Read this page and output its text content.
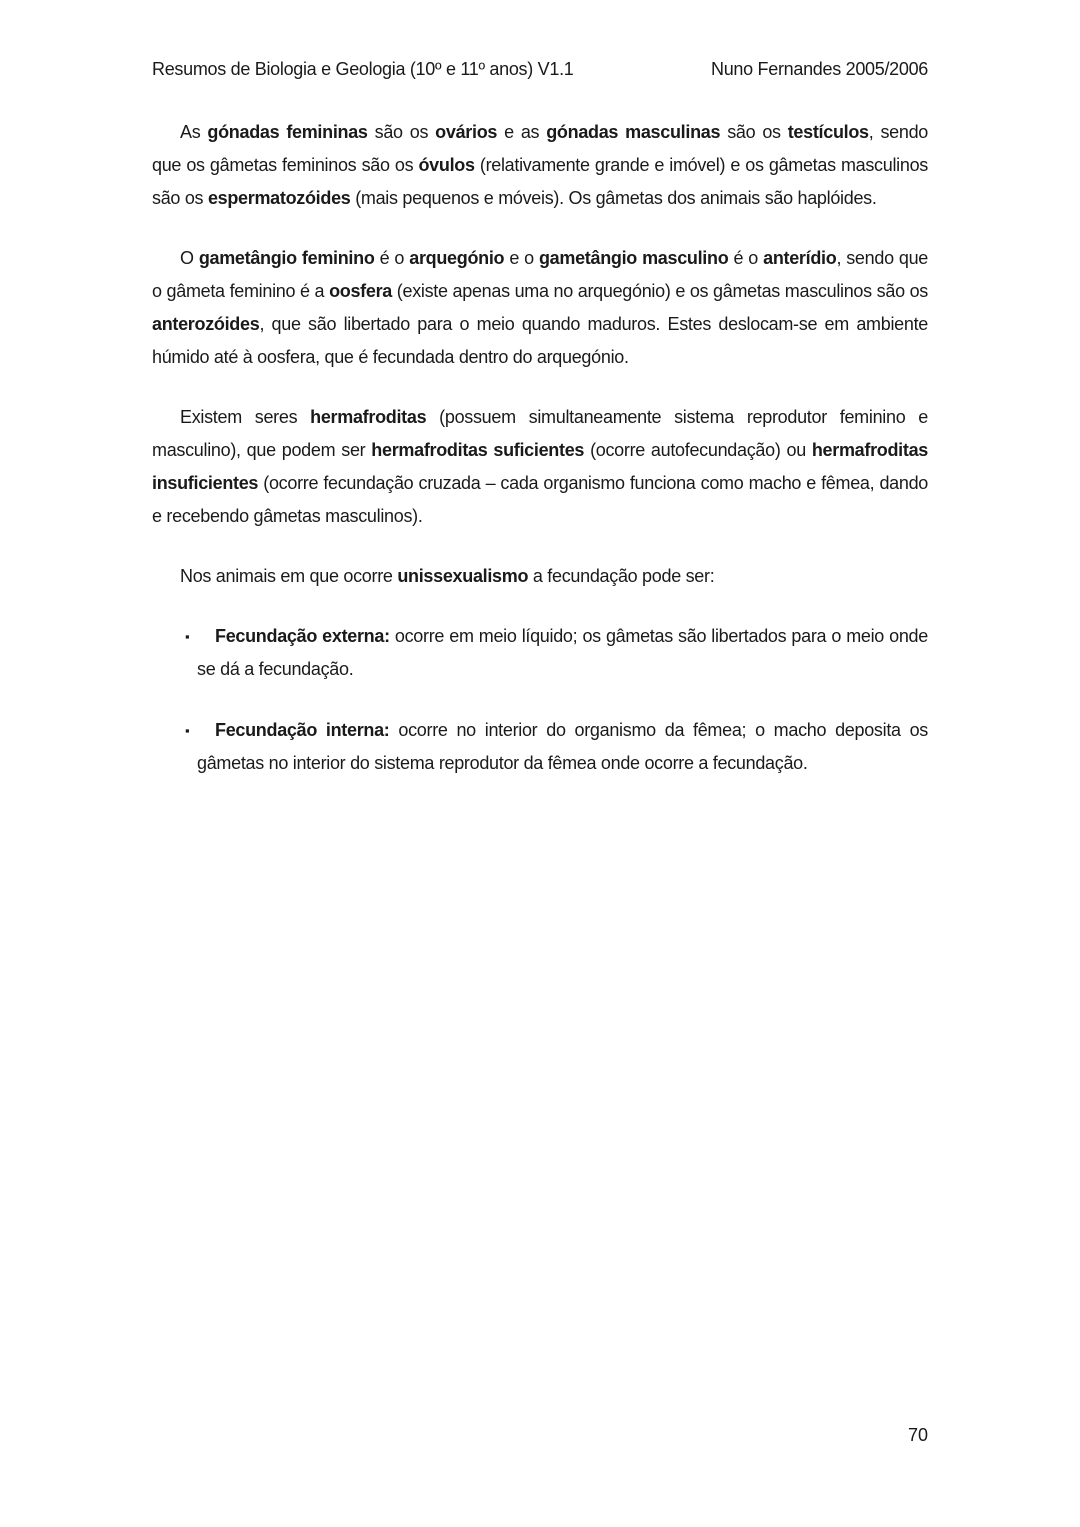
Resumos de Biologia e Geologia (10º e 11º anos) V1.1	Nuno Fernandes 2005/2006

As gónadas femininas são os ovários e as gónadas masculinas são os testículos, sendo que os gâmetas femininos são os óvulos (relativamente grande e imóvel) e os gâmetas masculinos são os espermatozóides (mais pequenos e móveis). Os gâmetas dos animais são haplóides.

O gametângio feminino é o arquegónio e o gametângio masculino é o anterídio, sendo que o gâmeta feminino é a oosfera (existe apenas uma no arquegónio) e os gâmetas masculinos são os anterozóides, que são libertado para o meio quando maduros. Estes deslocam-se em ambiente húmido até à oosfera, que é fecundada dentro do arquegónio.

Existem seres hermafroditas (possuem simultaneamente sistema reprodutor feminino e masculino), que podem ser hermafroditas suficientes (ocorre autofecundação) ou hermafroditas insuficientes (ocorre fecundação cruzada – cada organismo funciona como macho e fêmea, dando e recebendo gâmetas masculinos).

Nos animais em que ocorre unissexualismo a fecundação pode ser:

▪ Fecundação externa: ocorre em meio líquido; os gâmetas são libertados para o meio onde se dá a fecundação.
▪ Fecundação interna: ocorre no interior do organismo da fêmea; o macho deposita os gâmetas no interior do sistema reprodutor da fêmea onde ocorre a fecundação.
70
